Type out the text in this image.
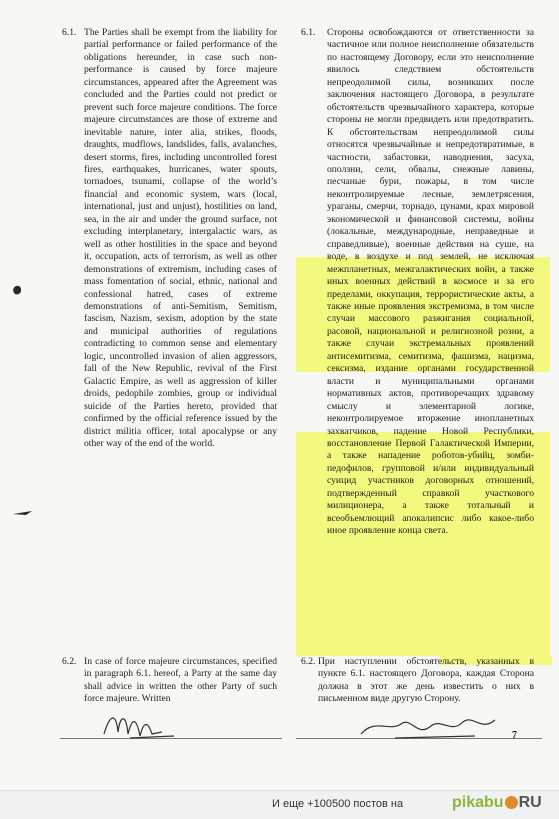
6.1. The Parties shall be exempt from the liability for partial performance or failed performance of the obligations hereunder, in case such non-performance is caused by force majeure circumstances, appeared after the Agreement was concluded and the Parties could not predict or prevent such force majeure conditions. The force majeure circumstances are those of extreme and inevitable nature, inter alia, strikes, floods, draughts, mudflows, landslides, falls, avalanches, desert storms, fires, including uncontrolled forest fires, earthquakes, hurricanes, water spouts, tornadoes, tsunami, collapse of the world’s financial and economic system, wars (local, international, just and unjust), hostilities on land, sea, in the air and under the ground surface, not excluding interplanetary, intergalactic wars, as well as other hostilities in the space and beyond it, occupation, acts of terrorism, as well as other demonstrations of extremism, including cases of mass fomentation of social, ethnic, national and confessional hatred, cases of extreme demonstrations of anti-Semitism, Semitism, fascism, Nazism, sexism, adoption by the state and municipal authorities of regulations contradicting to common sense and elementary logic, uncontrolled invasion of alien aggressors, fall of the New Republic, revival of the First Galactic Empire, as well as aggression of killer droids, pedophile zombies, group or individual suicide of the Parties hereto, provided that confirmed by the official reference issued by the district militia officer, total apocalypse or any other way of the end of the world.
6.2. In case of force majeure circumstances, specified in paragraph 6.1. hereof, a Party at the same day shall advice in written the other Party of such force majeure. Written
6.1. Стороны освобождаются от ответственности за частичное или полное неисполнение обязательств по настоящему Договору, если это неисполнение явилось следствием обстоятельств непреодолимой силы, возникших после заключения настоящего Договора, в результате обстоятельств чрезвычайного характера, которые стороны не могли предвидеть или предотвратить. К обстоятельствам непреодолимой силы относятся чрезвычайные и непредотвратимые, в частности, забастовки, наводнения, засуха, оползни, сели, обвалы, снежные лавины, песчаные бури, пожары, в том числе неконтролируемые лесные, землетрясения, ураганы, смерчи, торнадо, цунами, крах мировой экономической и финансовой системы, войны (локальные, международные, неправедные и справедливые), военные действия на суше, на воде, в воздухе и под землей, не исключая межпланетных, межгалактических войн, а также иных военных действий в космосе и за его пределами, оккупация, террористические акты, а также иные проявления экстремизма, в том числе случаи массового разжигания социальной, расовой, национальной и религиозной розни, а также случаи экстремальных проявлений антисемитизма, семитизма, фашизма, нацизма, сексизма, издание органами государственной власти и муниципальными органами нормативных актов, противоречащих здравому смыслу и элементарной логике, неконтролируемое вторжение инопланетных захватчиков, падение Новой Республики, восстановление Первой Галактической Империи, а также нападение роботов-убийц, зомби-педофилов, групповой и/или индивидуальный суицид участников договорных отношений, подтвержденный справкой участкового милиционера, а также тотальный и всеобъемлющий апокалипсис либо какое-либо иное проявление конца света.
6.2. При наступлении обстоятельств, указанных в пункте 6.1. настоящего Договора, каждая Сторона должна в этот же день известить о них в письменном виде другую Сторону.
7
И еще +100500 постов на	pikabu RU
